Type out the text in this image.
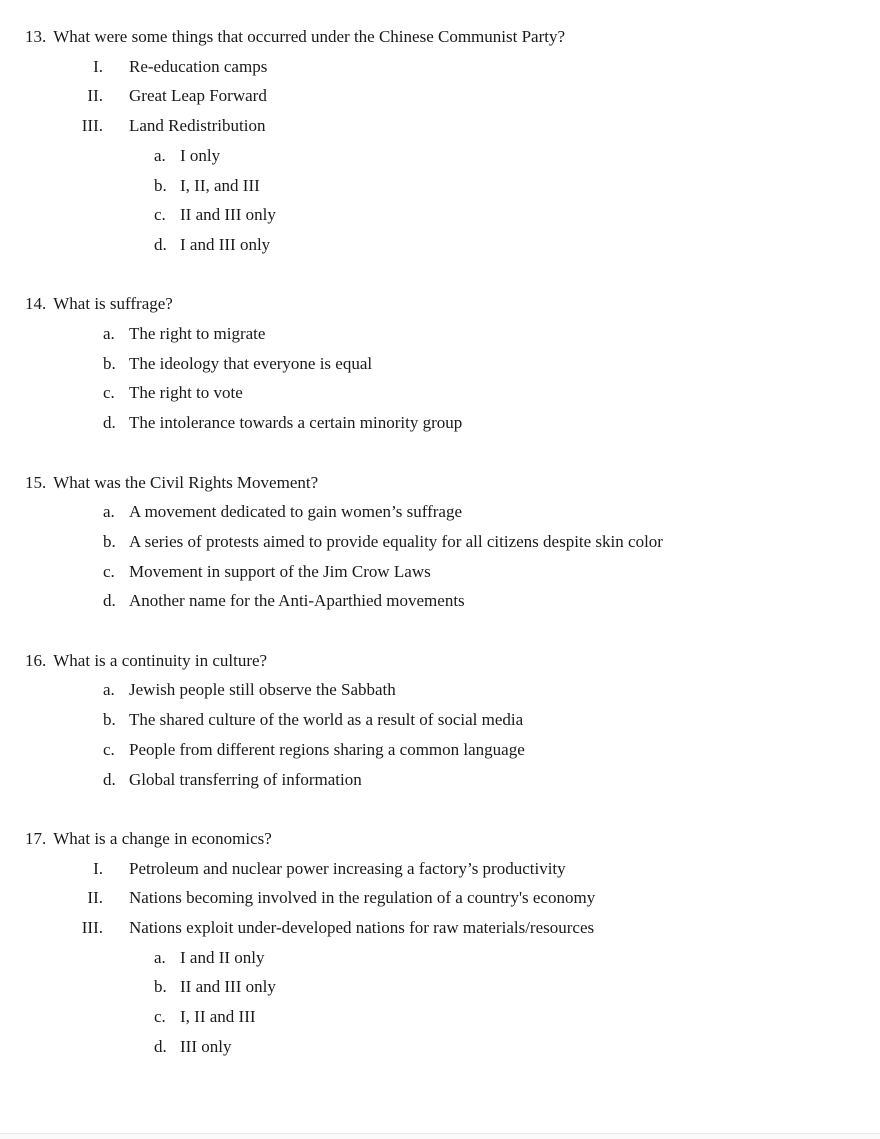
13. What were some things that occurred under the Chinese Communist Party?
I.	Re-education camps
II.	Great Leap Forward
III.	Land Redistribution
a. I only
b. I, II, and III
c. II and III only
d. I and III only
14. What is suffrage?
a. The right to migrate
b. The ideology that everyone is equal
c. The right to vote
d. The intolerance towards a certain minority group
15. What was the Civil Rights Movement?
a. A movement dedicated to gain women’s suffrage
b. A series of protests aimed to provide equality for all citizens despite skin color
c. Movement in support of the Jim Crow Laws
d. Another name for the Anti-Aparthied movements
16. What is a continuity in culture?
a. Jewish people still observe the Sabbath
b. The shared culture of the world as a result of social media
c. People from different regions sharing a common language
d. Global transferring of information
17. What is a change in economics?
I.	Petroleum and nuclear power increasing a factory’s productivity
II.	Nations becoming involved in the regulation of a country's economy
III.	Nations exploit under-developed nations for raw materials/resources
a. I and II only
b. II and III only
c. I, II and III
d. III only
